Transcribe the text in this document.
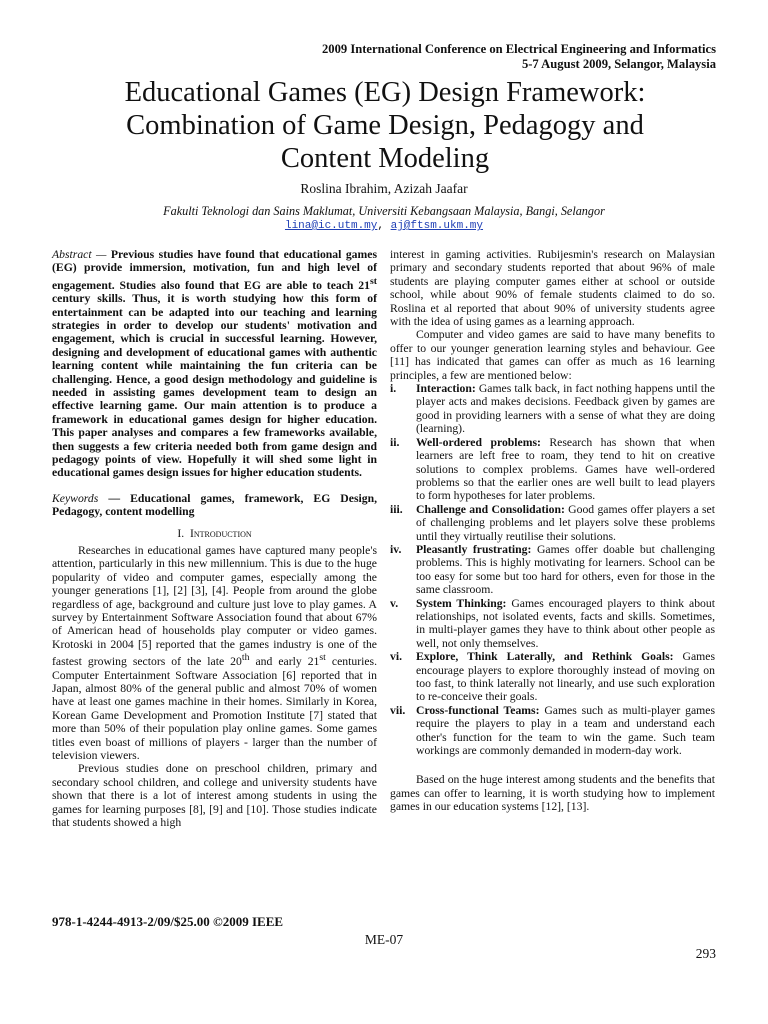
2009 International Conference on Electrical Engineering and Informatics
5-7 August 2009, Selangor, Malaysia
Educational Games (EG) Design Framework:
Combination of Game Design, Pedagogy and
Content Modeling
Roslina Ibrahim, Azizah Jaafar
Fakulti Teknologi dan Sains Maklumat, Universiti Kebangsaan Malaysia, Bangi, Selangor
lina@ic.utm.my, aj@ftsm.ukm.my

Abstract — Previous studies have found that educational games (EG) provide immersion, motivation, fun and high level of engagement. Studies also found that EG are able to teach 21st century skills. Thus, it is worth studying how this form of entertainment can be adapted into our teaching and learning strategies in order to develop our students' motivation and engagement, which is crucial in successful learning. However, designing and development of educational games with authentic learning content while maintaining the fun criteria can be challenging. Hence, a good design methodology and guideline is needed in assisting games development team to design an effective learning game. Our main attention is to produce a framework in educational games design for higher education. This paper analyses and compares a few frameworks available, then suggests a few criteria needed both from game design and pedagogy points of view. Hopefully it will shed some light in educational games design issues for higher education students.

Keywords — Educational games, framework, EG Design, Pedagogy, content modelling

I. Introduction

Researches in educational games have captured many people's attention, particularly in this new millennium. This is due to the huge popularity of video and computer games, especially among the younger generations [1], [2] [3], [4]. People from around the globe regardless of age, background and culture just love to play games. A survey by Entertainment Software Association found that about 67% of American head of households play computer or video games. Krotoski in 2004 [5] reported that the games industry is one of the fastest growing sectors of the late 20th and early 21st centuries. Computer Entertainment Software Association [6] reported that in Japan, almost 80% of the general public and almost 70% of women have at least one games machine in their homes. Similarly in Korea, Korean Game Development and Promotion Institute [7] stated that more than 50% of their population play online games. Some games titles even boast of millions of players - larger than the number of television viewers.

Previous studies done on preschool children, primary and secondary school children, and college and university students have shown that there is a lot of interest among students in using the games for learning purposes [8], [9] and [10]. Those studies indicate that students showed a high

interest in gaming activities. Rubijesmin's research on Malaysian primary and secondary students reported that about 96% of male students are playing computer games either at school or outside school, while about 90% of female students claimed to do so. Roslina et al reported that about 90% of university students agree with the idea of using games as a learning approach.

Computer and video games are said to have many benefits to offer to our younger generation learning styles and behaviour. Gee [11] has indicated that games can offer as much as 16 learning principles, a few are mentioned below:

i. Interaction: Games talk back, in fact nothing happens until the player acts and makes decisions. Feedback given by games are good in providing learners with a sense of what they are doing (learning).
ii. Well-ordered problems: Research has shown that when learners are left free to roam, they tend to hit on creative solutions to complex problems. Games have well-ordered problems so that the earlier ones are well built to lead players to form hypotheses for later problems.
iii. Challenge and Consolidation: Good games offer players a set of challenging problems and let players solve these problems until they virtually reutilise their solutions.
iv. Pleasantly frustrating: Games offer doable but challenging problems. This is highly motivating for learners. School can be too easy for some but too hard for others, even for those in the same classroom.
v. System Thinking: Games encouraged players to think about relationships, not isolated events, facts and skills. Sometimes, in multi-player games they have to think about other people as well, not only themselves.
vi. Explore, Think Laterally, and Rethink Goals: Games encourage players to explore thoroughly instead of moving on too fast, to think laterally not linearly, and use such exploration to re-conceive their goals.
vii. Cross-functional Teams: Games such as multi-player games require the players to play in a team and understand each other's function for the team to win the game. Such team workings are commonly demanded in modern-day work.

Based on the huge interest among students and the benefits that games can offer to learning, it is worth studying how to implement games in our education systems [12], [13].

978-1-4244-4913-2/09/$25.00 ©2009 IEEE
ME-07
293
